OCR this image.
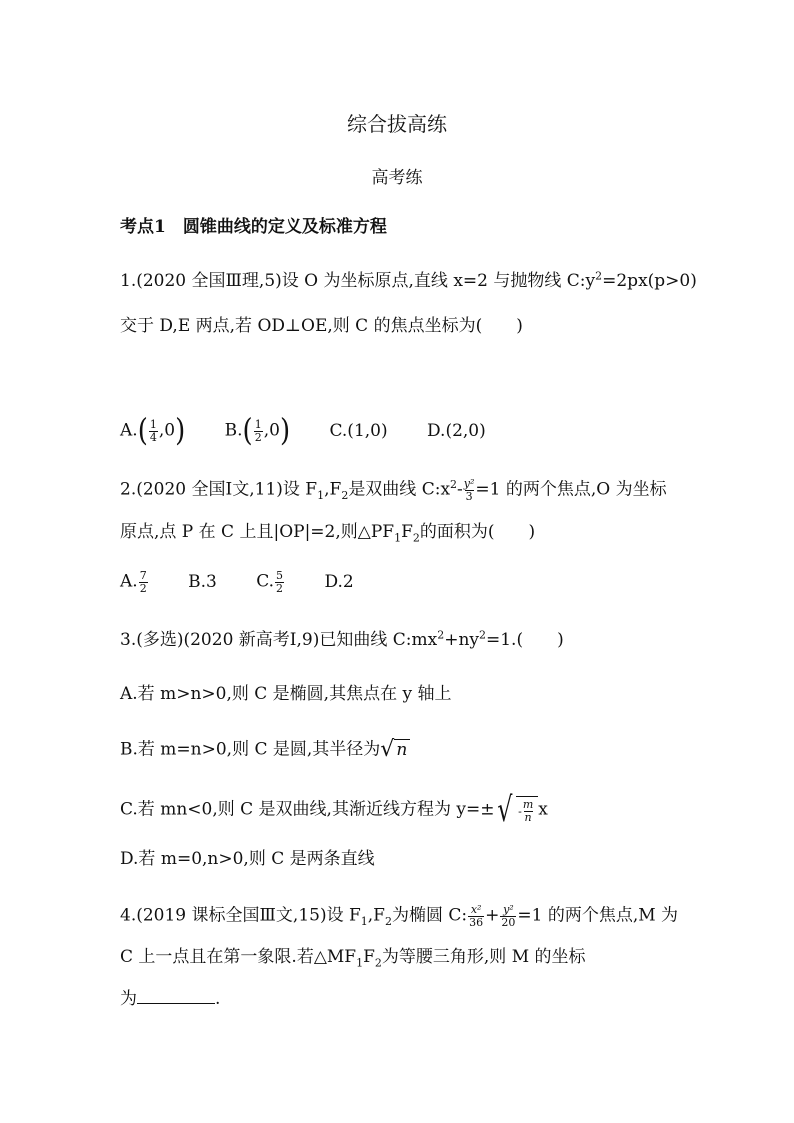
综合拔高练
高考练
考点1　圆锥曲线的定义及标准方程
1.(2020 全国Ⅲ理,5)设 O 为坐标原点,直线 x=2 与抛物线 $C:y^2=2px(p>0)$
交于 D,E 两点,若 OD⊥OE,则 C 的焦点坐标为(　　)
$A.( \frac{1}{4} ,0)$ $B.( \frac{1}{2} ,0)$ C.(1,0) D.(2,0)
2.(2020 全国Ⅰ文,11)设 $F_1,F_2$是双曲线 $C:x^2- \frac{\text{y²}}{3} =1$ 的两个焦点,O 为坐标
原点,点 P 在 C 上且|OP|=2,则$\triangle PF_1F_2$的面积为(　　)
A. $\frac{7}{2} B.3$ C. $\frac{5}{2} D.2$
3.(多选)(2020 新高考Ⅰ,9)已知曲线 $C:mx^2+ny^2=1$.(　　)
A.若 m>n>0,则 C 是椭圆,其焦点在 y 轴上
B.若 m=n>0,则 C 是圆,其半径为 √ n
C.若 mn<0,则 C 是双曲线,其渐近线方程为 y=± √ - $\frac{m}{n}$ x
D.若 m=0,n>0,则 C 是两条直线
4.(2019 课标全国Ⅲ文,15)设 $F_1,F_2$为椭圆 C: $\frac{\text{x²}}{36} + \frac{\text{y²}}{20} =1$ 的两个焦点,M 为
C 上一点且在第一象限.若$\triangle MF_1F_2$为等腰三角形,则 M 的坐标
为	.
